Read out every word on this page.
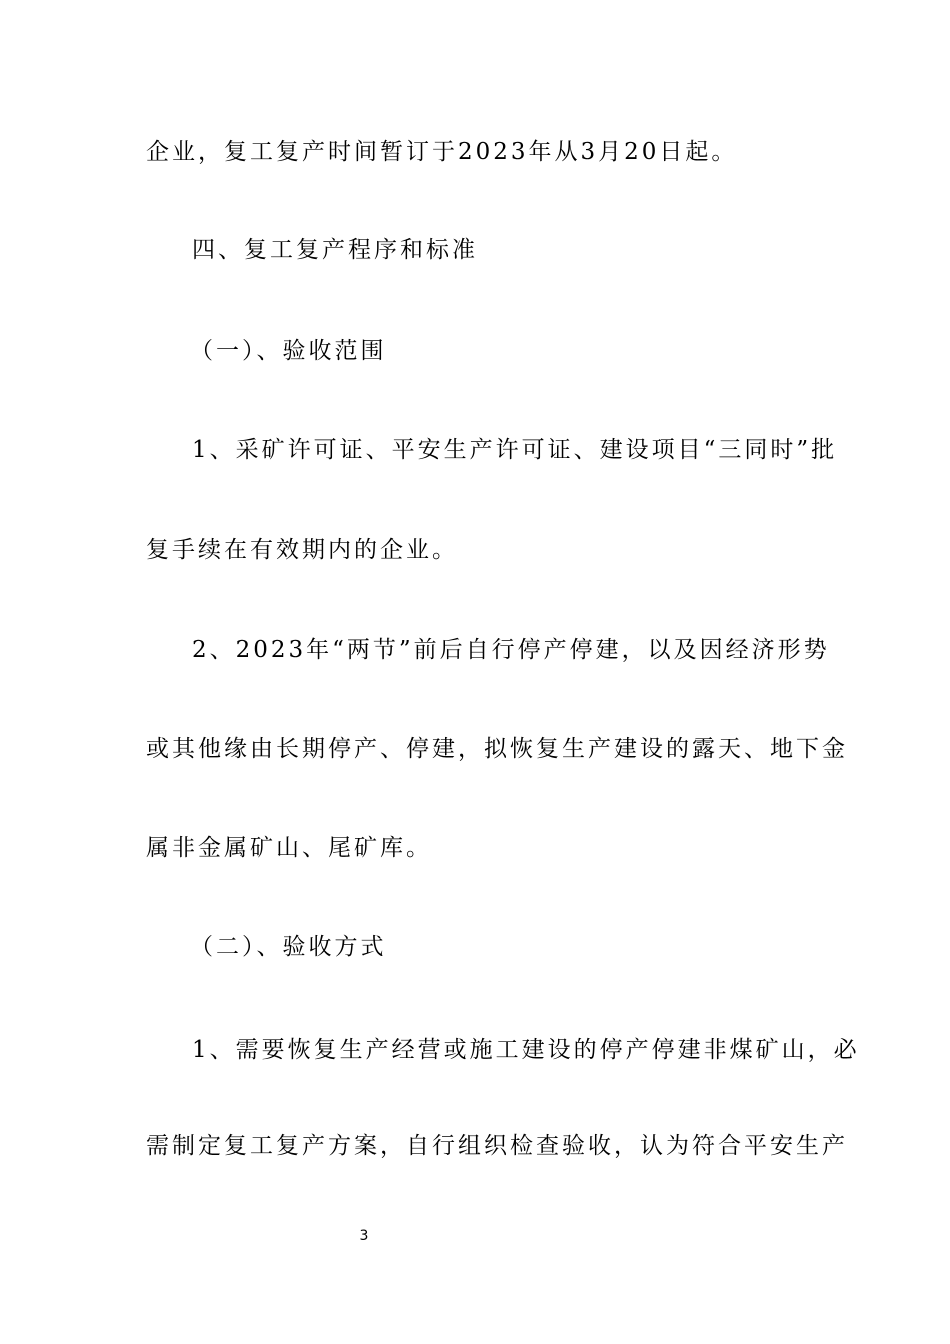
企业，复工复产时间暂订于2023年从3月20日起。
四、复工复产程序和标准
（一）、验收范围
1、采矿许可证、平安生产许可证、建设项目“三同时”批
复手续在有效期内的企业。
2、2023年“两节”前后自行停产停建，以及因经济形势
或其他缘由长期停产、停建，拟恢复生产建设的露天、地下金
属非金属矿山、尾矿库。
（二）、验收方式
1、需要恢复生产经营或施工建设的停产停建非煤矿山，必
需制定复工复产方案，自行组织检查验收，认为符合平安生产
3
